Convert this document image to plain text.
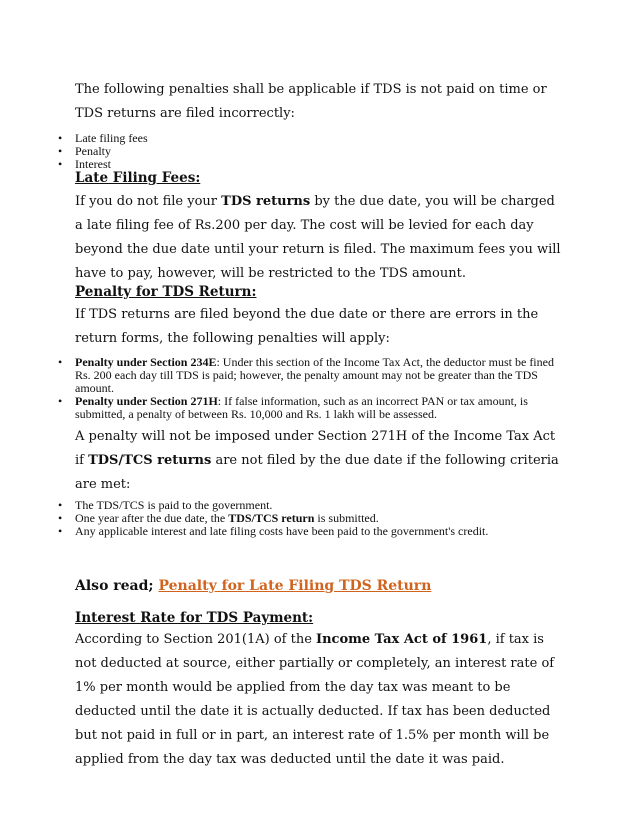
The following penalties shall be applicable if TDS is not paid on time or TDS returns are filed incorrectly:

• Late filing fees
• Penalty
• Interest

Late Filing Fees:

If you do not file your TDS returns by the due date, you will be charged a late filing fee of Rs.200 per day. The cost will be levied for each day beyond the due date until your return is filed. The maximum fees you will have to pay, however, will be restricted to the TDS amount.

Penalty for TDS Return:

If TDS returns are filed beyond the due date or there are errors in the return forms, the following penalties will apply:

• Penalty under Section 234E: Under this section of the Income Tax Act, the deductor must be fined Rs. 200 each day till TDS is paid; however, the penalty amount may not be greater than the TDS amount.
• Penalty under Section 271H: If false information, such as an incorrect PAN or tax amount, is submitted, a penalty of between Rs. 10,000 and Rs. 1 lakh will be assessed.

A penalty will not be imposed under Section 271H of the Income Tax Act if TDS/TCS returns are not filed by the due date if the following criteria are met:

• The TDS/TCS is paid to the government.
• One year after the due date, the TDS/TCS return is submitted.
• Any applicable interest and late filing costs have been paid to the government's credit.

Also read; Penalty for Late Filing TDS Return

Interest Rate for TDS Payment:

According to Section 201(1A) of the Income Tax Act of 1961, if tax is not deducted at source, either partially or completely, an interest rate of 1% per month would be applied from the day tax was meant to be deducted until the date it is actually deducted. If tax has been deducted but not paid in full or in part, an interest rate of 1.5% per month will be applied from the day tax was deducted until the date it was paid.
